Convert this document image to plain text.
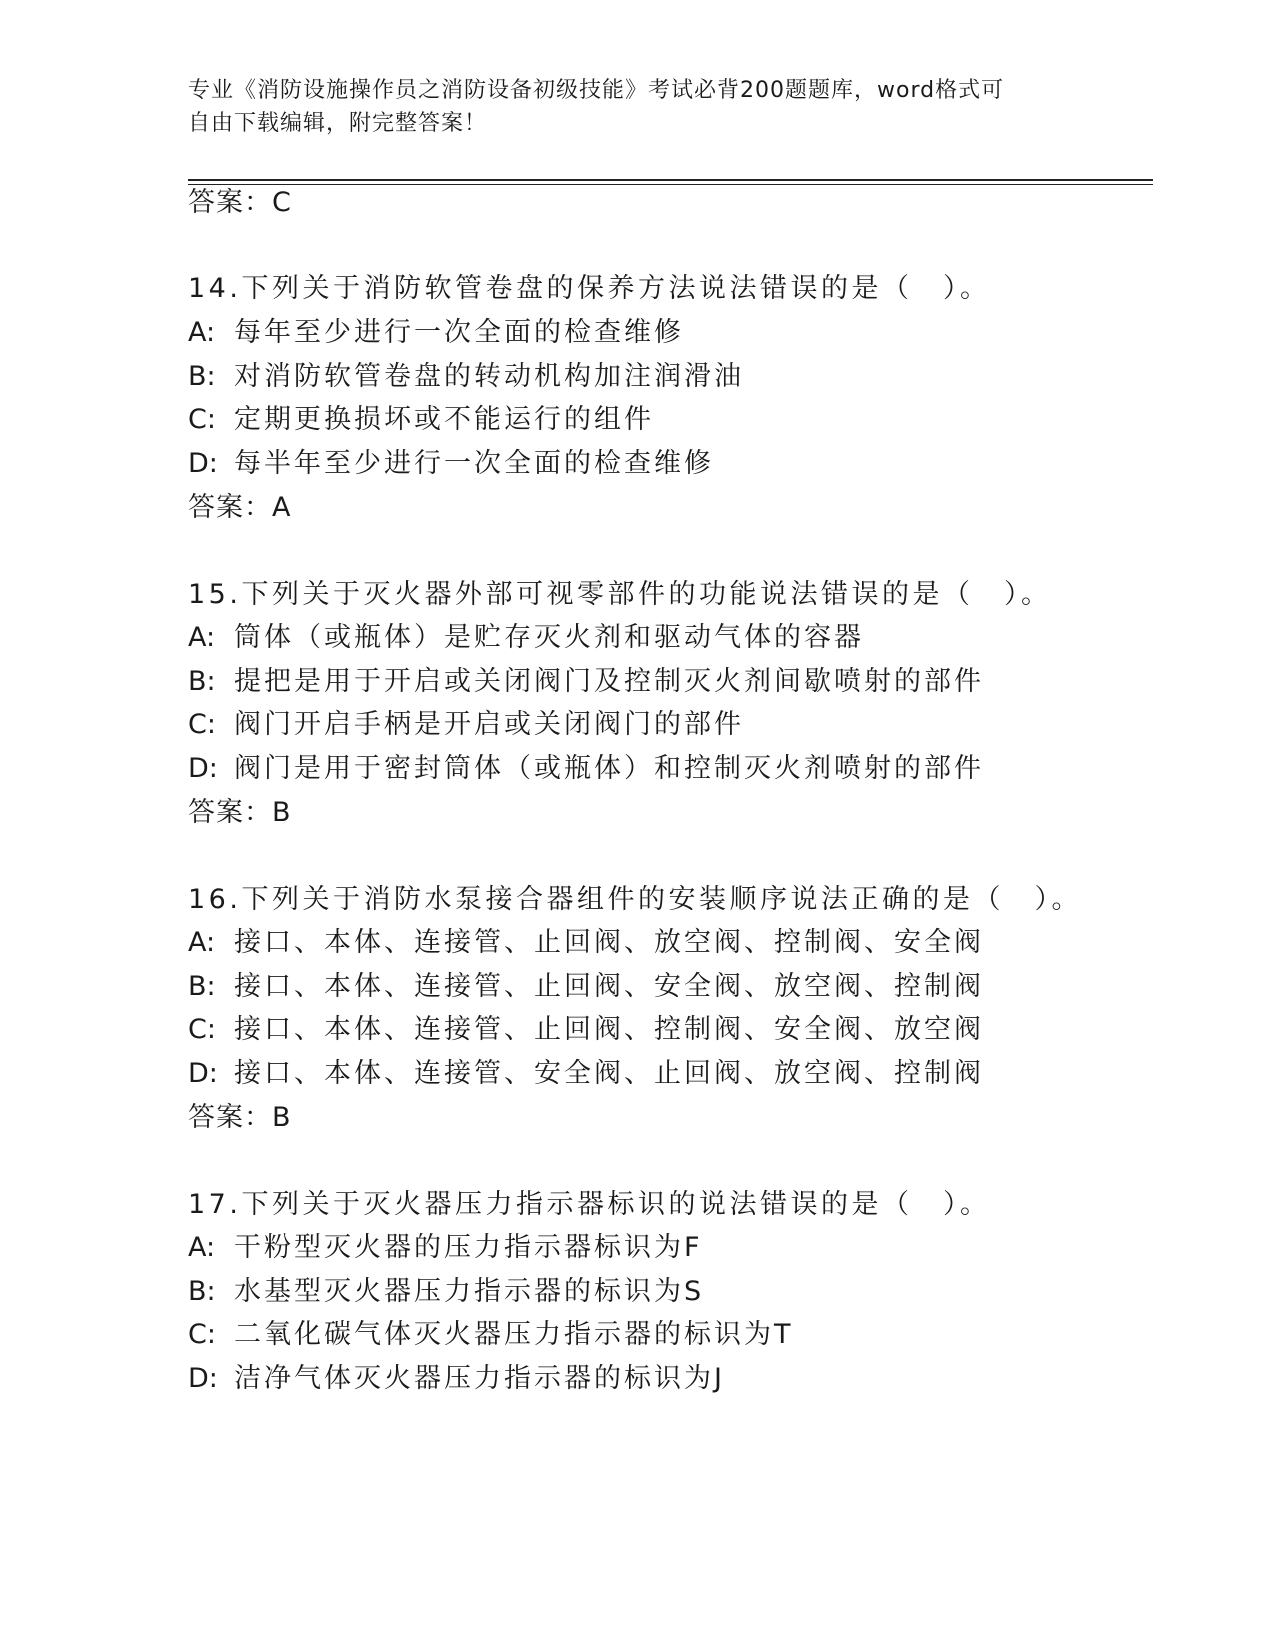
专业《消防设施操作员之消防设备初级技能》考试必背200题题库，word格式可
自由下载编辑，附完整答案！
答案：C
14.下列关于消防软管卷盘的保养方法说法错误的是（　）。
A: 每年至少进行一次全面的检查维修
B: 对消防软管卷盘的转动机构加注润滑油
C: 定期更换损坏或不能运行的组件
D: 每半年至少进行一次全面的检查维修
答案：A
15.下列关于灭火器外部可视零部件的功能说法错误的是（　）。
A: 筒体（或瓶体）是贮存灭火剂和驱动气体的容器
B: 提把是用于开启或关闭阀门及控制灭火剂间歇喷射的部件
C: 阀门开启手柄是开启或关闭阀门的部件
D: 阀门是用于密封筒体（或瓶体）和控制灭火剂喷射的部件
答案：B
16.下列关于消防水泵接合器组件的安装顺序说法正确的是（　）。
A: 接口、本体、连接管、止回阀、放空阀、控制阀、安全阀
B: 接口、本体、连接管、止回阀、安全阀、放空阀、控制阀
C: 接口、本体、连接管、止回阀、控制阀、安全阀、放空阀
D: 接口、本体、连接管、安全阀、止回阀、放空阀、控制阀
答案：B
17.下列关于灭火器压力指示器标识的说法错误的是（　）。
A: 干粉型灭火器的压力指示器标识为F
B: 水基型灭火器压力指示器的标识为S
C: 二氧化碳气体灭火器压力指示器的标识为T
D: 洁净气体灭火器压力指示器的标识为J
